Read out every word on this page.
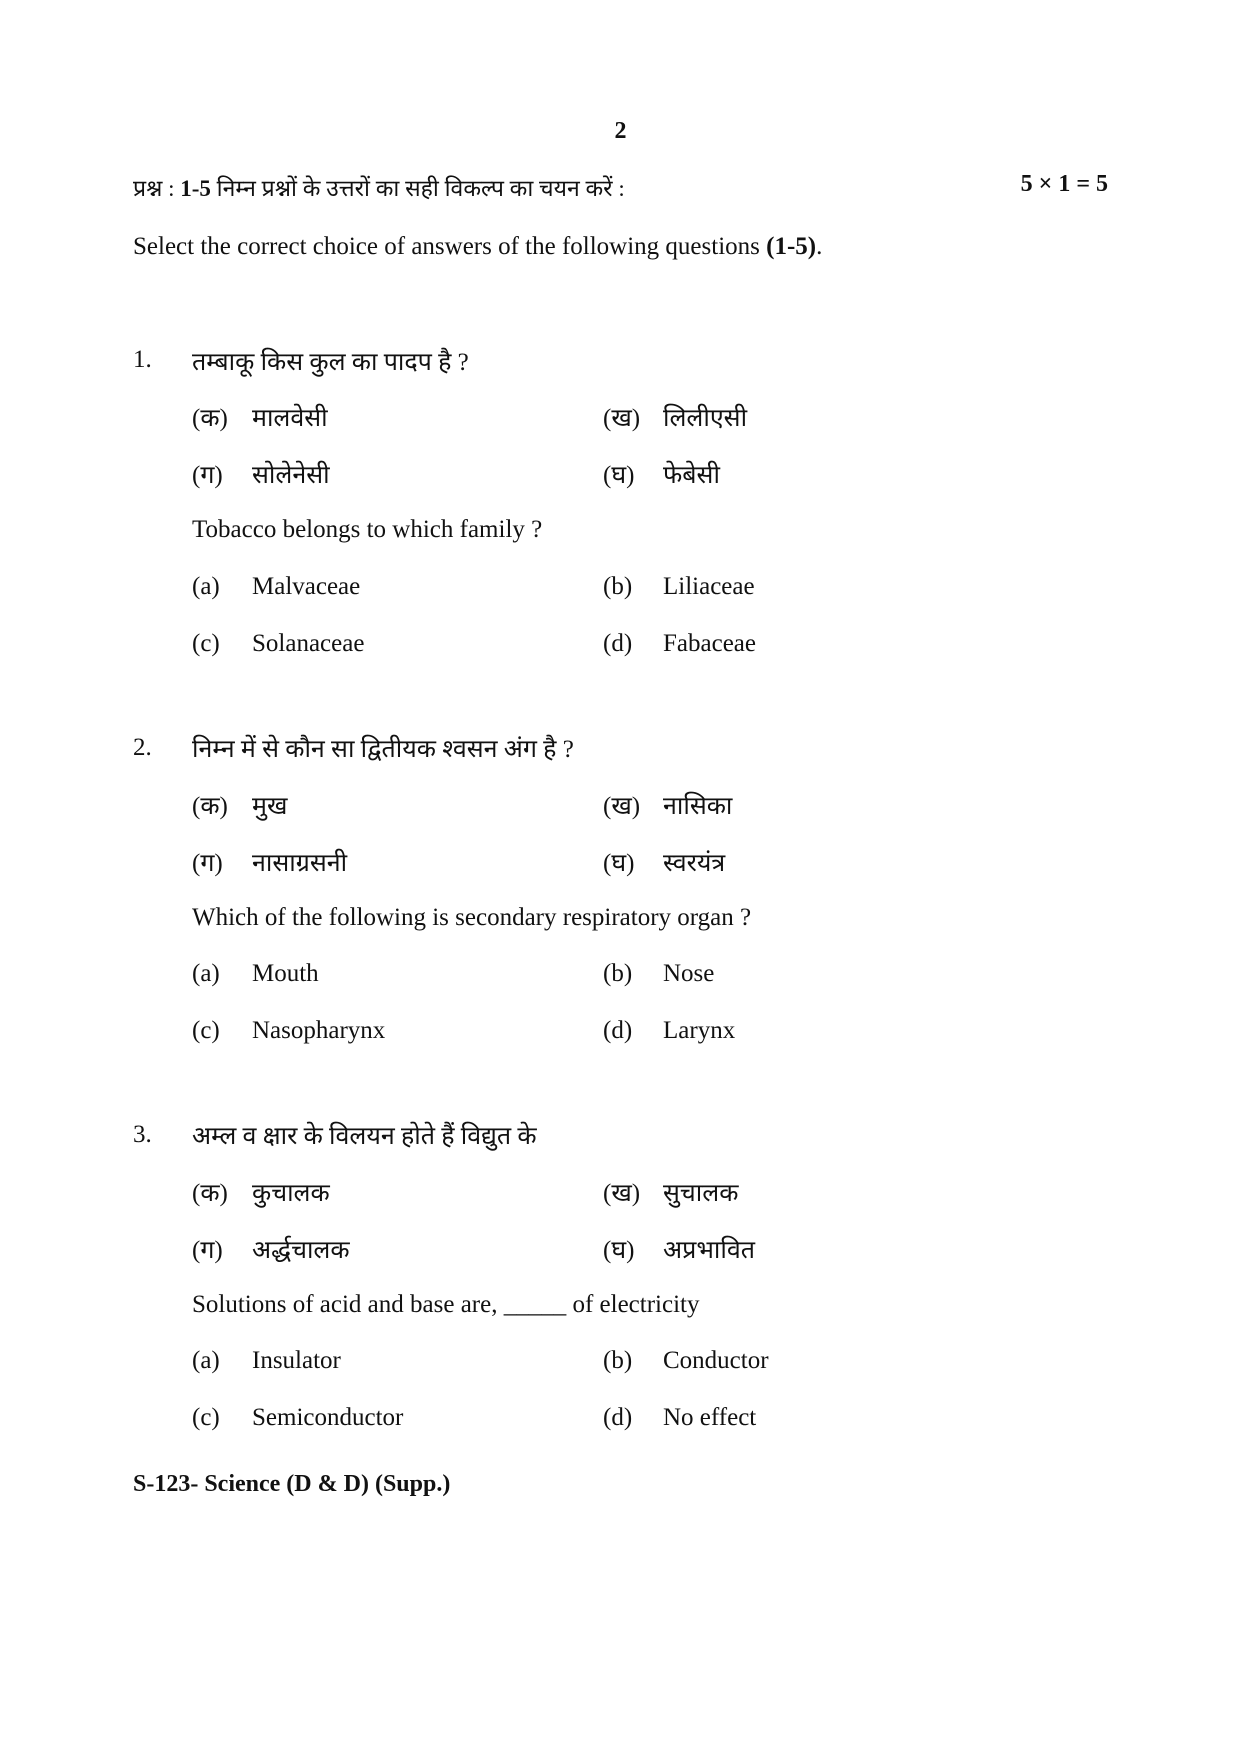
2
प्रश्न : 1-5 निम्न प्रश्नों के उत्तरों का सही विकल्प का चयन करें :	5 × 1 = 5
Select the correct choice of answers of the following questions (1-5).
1. तम्बाकू किस कुल का पादप है ?
(क) मालवेसी	(ख) लिलीएसी
(ग) सोलेनेसी	(घ) फेबेसी
Tobacco belongs to which family ?
(a) Malvaceae	(b) Liliaceae
(c) Solanaceae	(d) Fabaceae
2. निम्न में से कौन सा द्वितीयक श्वसन अंग है ?
(क) मुख	(ख) नासिका
(ग) नासाग्रसनी	(घ) स्वरयंत्र
Which of the following is secondary respiratory organ ?
(a) Mouth	(b) Nose
(c) Nasopharynx	(d) Larynx
3. अम्ल व क्षार के विलयन होते हैं विद्युत के
(क) कुचालक	(ख) सुचालक
(ग) अर्द्धचालक	(घ) अप्रभावित
Solutions of acid and base are, _____ of electricity
(a) Insulator	(b) Conductor
(c) Semiconductor	(d) No effect
S-123- Science (D & D) (Supp.)
